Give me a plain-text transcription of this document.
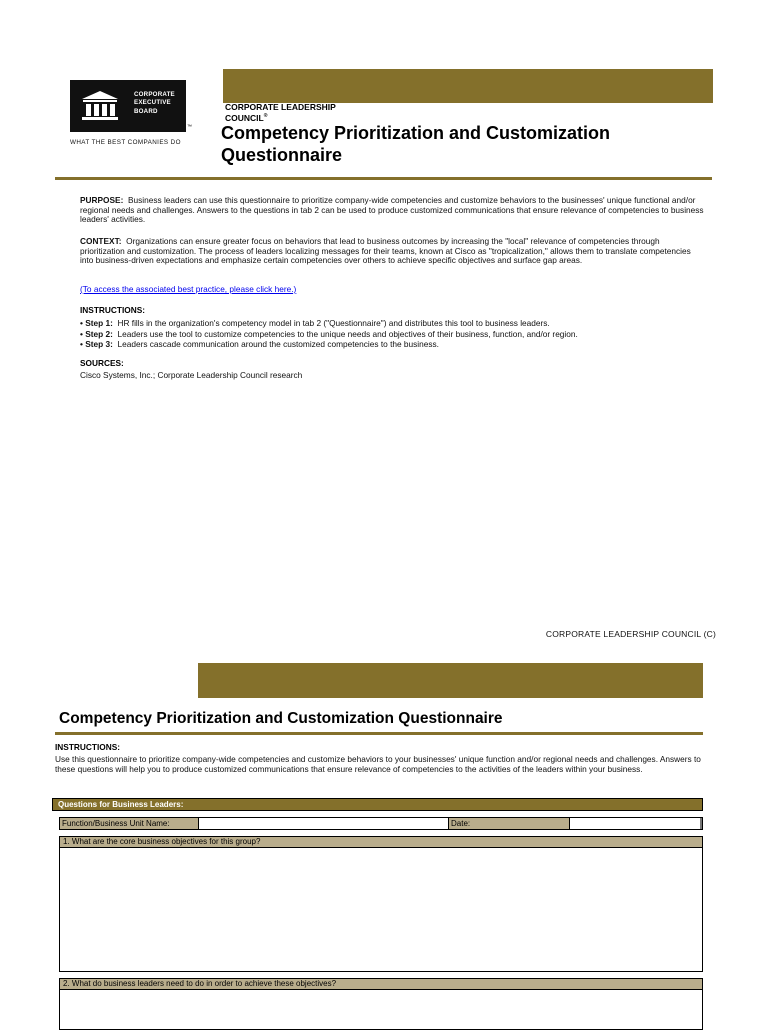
CORPORATE
EXECUTIVE
BOARD
™
WHAT THE BEST COMPANIES DO
CORPORATE LEADERSHIP COUNCIL®
Competency Prioritization and Customization Questionnaire
PURPOSE: Business leaders can use this questionnaire to prioritize company-wide competencies and customize behaviors to the businesses' unique functional and/or regional needs and challenges. Answers to the questions in tab 2 can be used to produce customized communications that ensure relevance of competencies to business leaders' activities.
CONTEXT: Organizations can ensure greater focus on behaviors that lead to business outcomes by increasing the "local" relevance of competencies through prioritization and customization. The process of leaders localizing messages for their teams, known at Cisco as "tropicalization," allows them to translate competencies into business-driven expectations and emphasize certain competencies over others to achieve specific objectives and surface gap areas.
(To access the associated best practice, please click here.)
INSTRUCTIONS:
• Step 1: HR fills in the organization's competency model in tab 2 ("Questionnaire") and distributes this tool to business leaders.
• Step 2: Leaders use the tool to customize competencies to the unique needs and objectives of their business, function, and/or region.
• Step 3: Leaders cascade communication around the customized competencies to the business.
SOURCES:
Cisco Systems, Inc.; Corporate Leadership Council research
CORPORATE LEADERSHIP COUNCIL (C)
Competency Prioritization and Customization Questionnaire
INSTRUCTIONS:
Use this questionnaire to prioritize company-wide competencies and customize behaviors to your businesses' unique function and/or regional needs and challenges. Answers to these questions will help you to produce customized communications that ensure relevance of competencies to the activities of the leaders within your business.
Questions for Business Leaders:
Function/Business Unit Name:	Date:
1. What are the core business objectives for this group?
2. What do business leaders need to do in order to achieve these objectives?
